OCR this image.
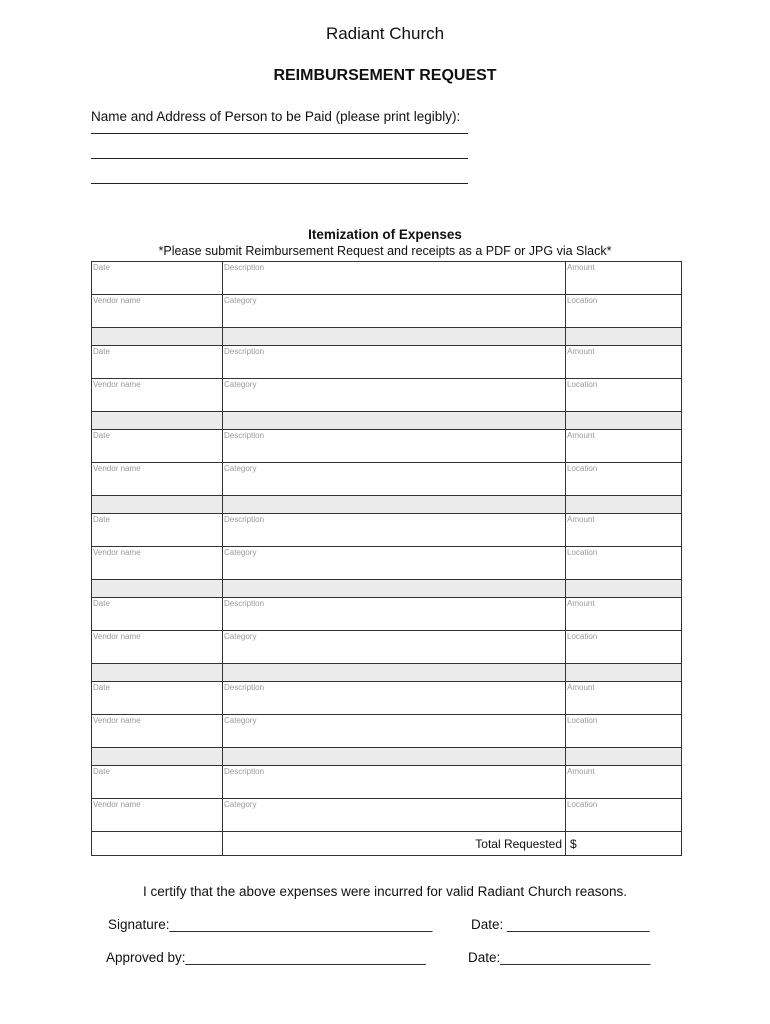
Radiant Church
REIMBURSEMENT REQUEST
Name and Address of Person to be Paid (please print legibly):
Itemization of Expenses
*Please submit Reimbursement Request and receipts as a PDF or JPG via Slack*
Date	Description	Amount
Vendor name	Category	Location

Date	Description	Amount
Vendor name	Category	Location

Date	Description	Amount
Vendor name	Category	Location

Date	Description	Amount
Vendor name	Category	Location

Date	Description	Amount
Vendor name	Category	Location

Date	Description	Amount
Vendor name	Category	Location

Date	Description	Amount
Vendor name	Category	Location
	Total Requested	$
I certify that the above expenses were incurred for valid Radiant Church reasons.
Signature:___________________________________	Date: ___________________
Approved by:________________________________	Date:____________________
